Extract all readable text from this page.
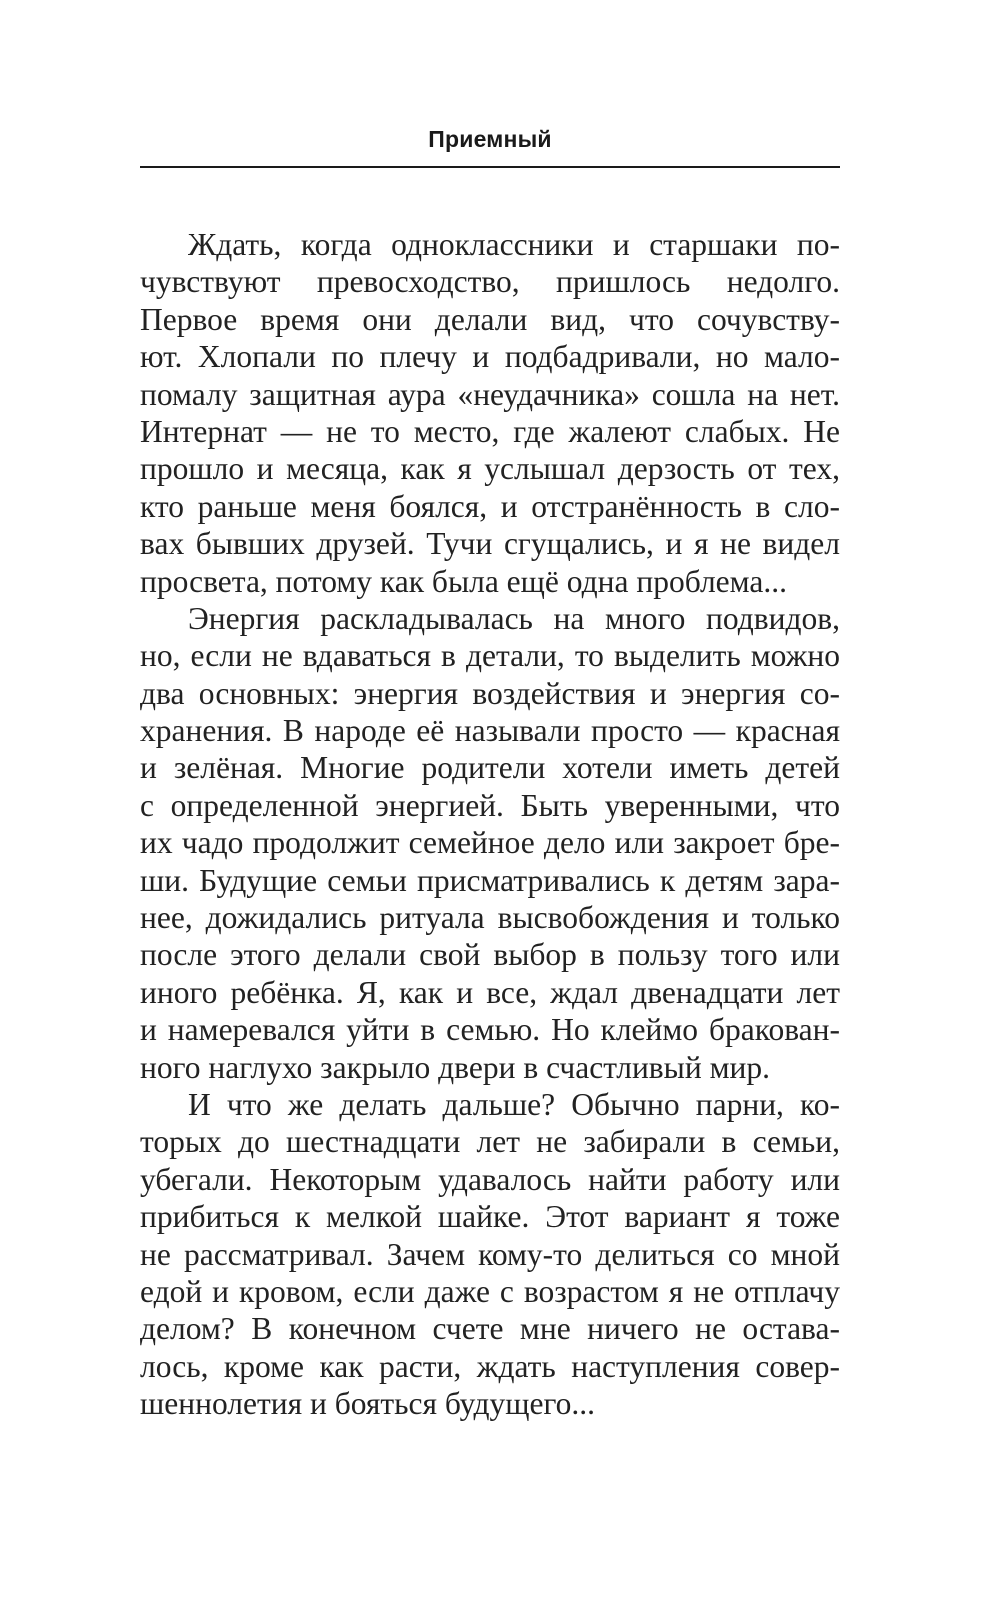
Приемный
Ждать, когда одноклассники и старшаки по-
чувствуют превосходство, пришлось недолго.
Первое время они делали вид, что сочувству-
ют. Хлопали по плечу и подбадривали, но мало-
помалу защитная аура «неудачника» сошла на нет.
Интернат — не то место, где жалеют слабых. Не
прошло и месяца, как я услышал дерзость от тех,
кто раньше меня боялся, и отстранённость в сло-
вах бывших друзей. Тучи сгущались, и я не видел
просвета, потому как была ещё одна проблема...
Энергия раскладывалась на много подвидов,
но, если не вдаваться в детали, то выделить можно
два основных: энергия воздействия и энергия со-
хранения. В народе её называли просто — красная
и зелёная. Многие родители хотели иметь детей
с определенной энергией. Быть уверенными, что
их чадо продолжит семейное дело или закроет бре-
ши. Будущие семьи присматривались к детям зара-
нее, дожидались ритуала высвобождения и только
после этого делали свой выбор в пользу того или
иного ребёнка. Я, как и все, ждал двенадцати лет
и намеревался уйти в семью. Но клеймо бракован-
ного наглухо закрыло двери в счастливый мир.
И что же делать дальше? Обычно парни, ко-
торых до шестнадцати лет не забирали в семьи,
убегали. Некоторым удавалось найти работу или
прибиться к мелкой шайке. Этот вариант я тоже
не рассматривал. Зачем кому-то делиться со мной
едой и кровом, если даже с возрастом я не отплачу
делом? В конечном счете мне ничего не остава-
лось, кроме как расти, ждать наступления совер-
шеннолетия и бояться будущего...
